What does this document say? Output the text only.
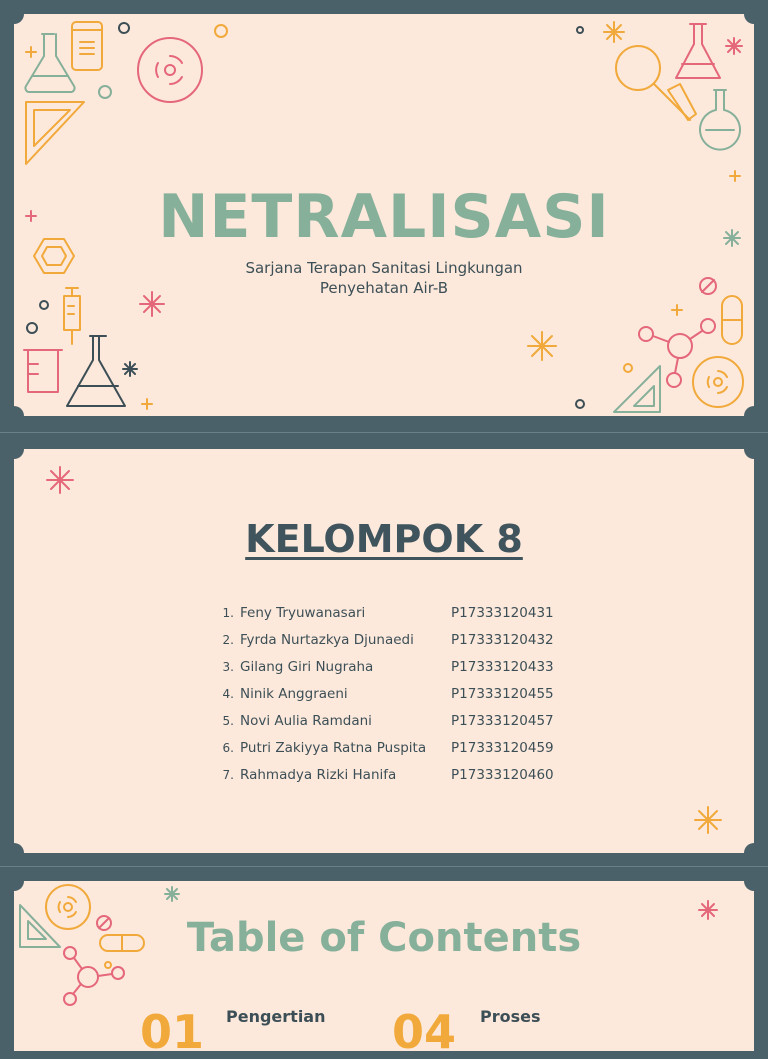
NETRALISASI
Sarjana Terapan Sanitasi Lingkungan
Penyehatan Air-B
KELOMPOK 8
1. Feny Tryuwanasari	P17333120431
2. Fyrda Nurtazkya Djunaedi	P17333120432
3. Gilang Giri Nugraha	P17333120433
4. Ninik Anggraeni	P17333120455
5. Novi Aulia Ramdani	P17333120457
6. Putri Zakiyya Ratna Puspita	P17333120459
7. Rahmadya Rizki Hanifa	P17333120460
Table of Contents
01 Pengertian 04 Proses
